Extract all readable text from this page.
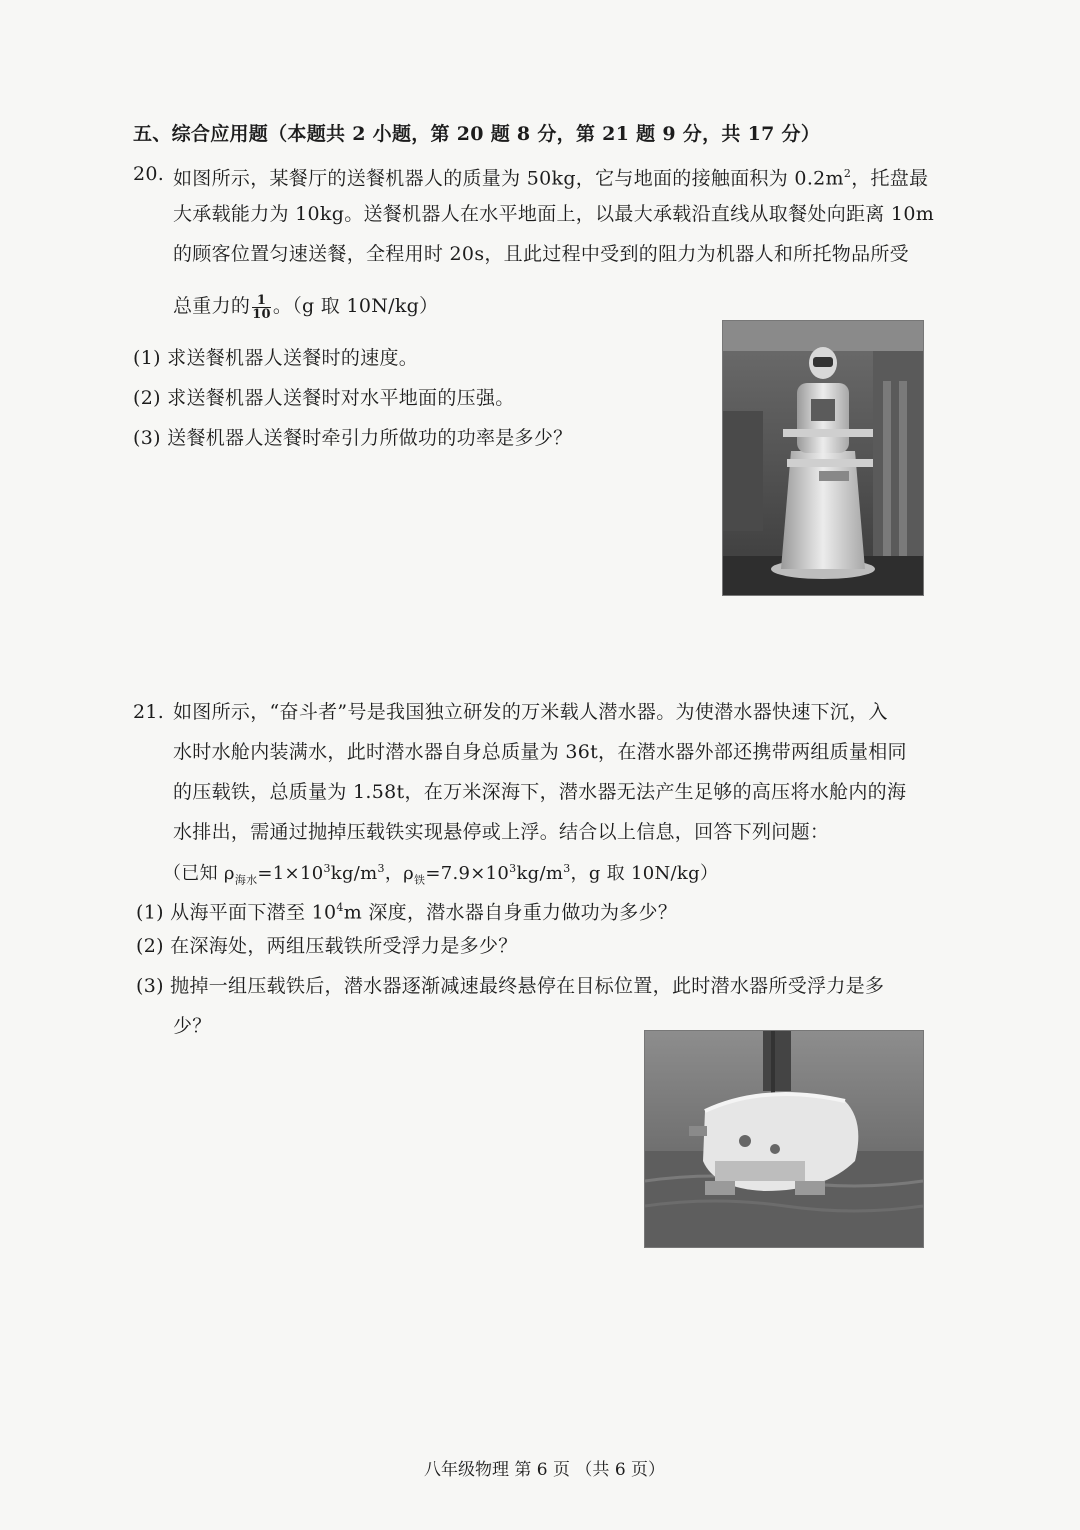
五、综合应用题（本题共 2 小题，第 20 题 8 分，第 21 题 9 分，共 17 分）
20. 如图所示，某餐厅的送餐机器人的质量为 50kg，它与地面的接触面积为 $0.2m^2$，托盘最
大承载能力为 10kg。送餐机器人在水平地面上，以最大承载沿直线从取餐处向距离 10m
的顾客位置匀速送餐，全程用时 20s，且此过程中受到的阻力为机器人和所托物品所受
总重力的 $\frac{1}{10}$ 。（g 取 10N/kg）
(1) 求送餐机器人送餐时的速度。
(2) 求送餐机器人送餐时对水平地面的压强。
(3) 送餐机器人送餐时牵引力所做功的功率是多少？
21. 如图所示，“奋斗者”号是我国独立研发的万米载人潜水器。为使潜水器快速下沉，入
水时水舱内装满水，此时潜水器自身总质量为 36t，在潜水器外部还携带两组质量相同
的压载铁，总质量为 1.58t，在万米深海下，潜水器无法产生足够的高压将水舱内的海
水排出，需通过抛掉压载铁实现悬停或上浮。结合以上信息，回答下列问题：
（已知 $\rho_{海水}=1\times 10^3kg/m^3$，$\rho_铁=7.9\times 10^3kg/m^3$，g 取 10N/kg）
(1) 从海平面下潜至 $10^4m$ 深度，潜水器自身重力做功为多少？
(2) 在深海处，两组压载铁所受浮力是多少？
(3) 抛掉一组压载铁后，潜水器逐渐减速最终悬停在目标位置，此时潜水器所受浮力是多
少？
八年级物理 第 6 页 （共 6 页）
